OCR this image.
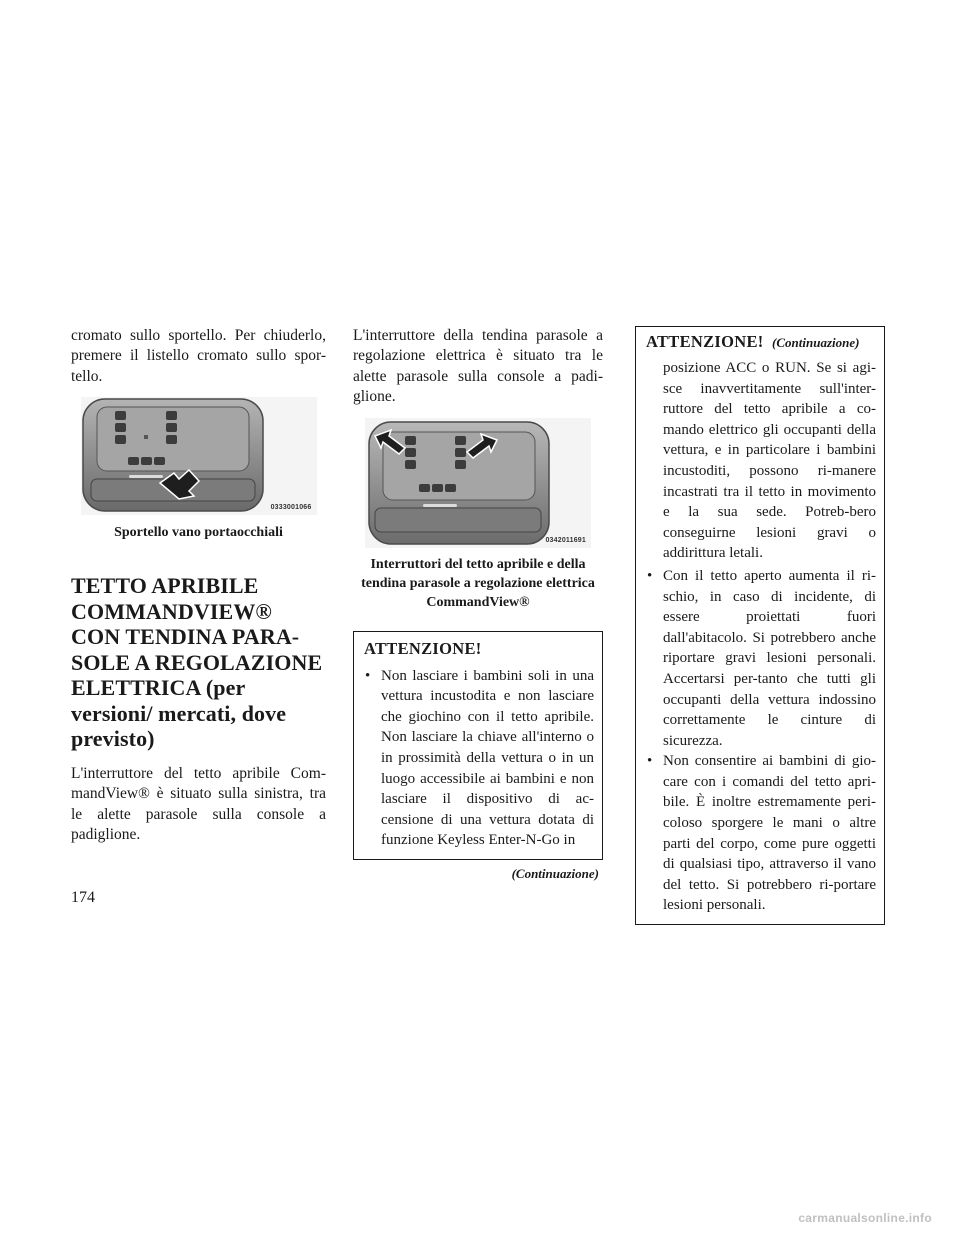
cromato sullo sportello. Per chiuderlo, premere il listello cromato sullo spor-tello.

0333001066

Sportello vano portaocchiali

TETTO APRIBILE COMMANDVIEW® CON TENDINA PARA-SOLE A REGOLAZIONE ELETTRICA (per versioni/ mercati, dove previsto)

L'interruttore del tetto apribile Com-mandView® è situato sulla sinistra, tra le alette parasole sulla console a padiglione.

L'interruttore della tendina parasole a regolazione elettrica è situato tra le alette parasole sulla console a padi-glione.

0342011691

Interruttori del tetto apribile e della tendina parasole a regolazione elettrica CommandView®

ATTENZIONE!
• Non lasciare i bambini soli in una vettura incustodita e non lasciare che giochino con il tetto apribile. Non lasciare la chiave all'interno o in prossimità della vettura o in un luogo accessibile ai bambini e non lasciare il dispositivo di ac-censione di una vettura dotata di funzione Keyless Enter-N-Go in

(Continuazione)

ATTENZIONE! (Continuazione)

posizione ACC o RUN. Se si agi-sce inavvertitamente sull'inter-ruttore del tetto apribile a co-mando elettrico gli occupanti della vettura, e in particolare i bambini incustoditi, possono ri-manere incastrati tra il tetto in movimento e la sua sede. Potreb-bero conseguirne lesioni gravi o addirittura letali.

• Con il tetto aperto aumenta il ri-schio, in caso di incidente, di essere proiettati fuori dall'abitacolo. Si potrebbero anche riportare gravi lesioni personali. Accertarsi per-tanto che tutti gli occupanti della vettura indossino correttamente le cinture di sicurezza.
• Non consentire ai bambini di gio-care con i comandi del tetto apri-bile. È inoltre estremamente peri-coloso sporgere le mani o altre parti del corpo, come pure oggetti di qualsiasi tipo, attraverso il vano del tetto. Si potrebbero ri-portare lesioni personali.
174
carmanualsonline.info
